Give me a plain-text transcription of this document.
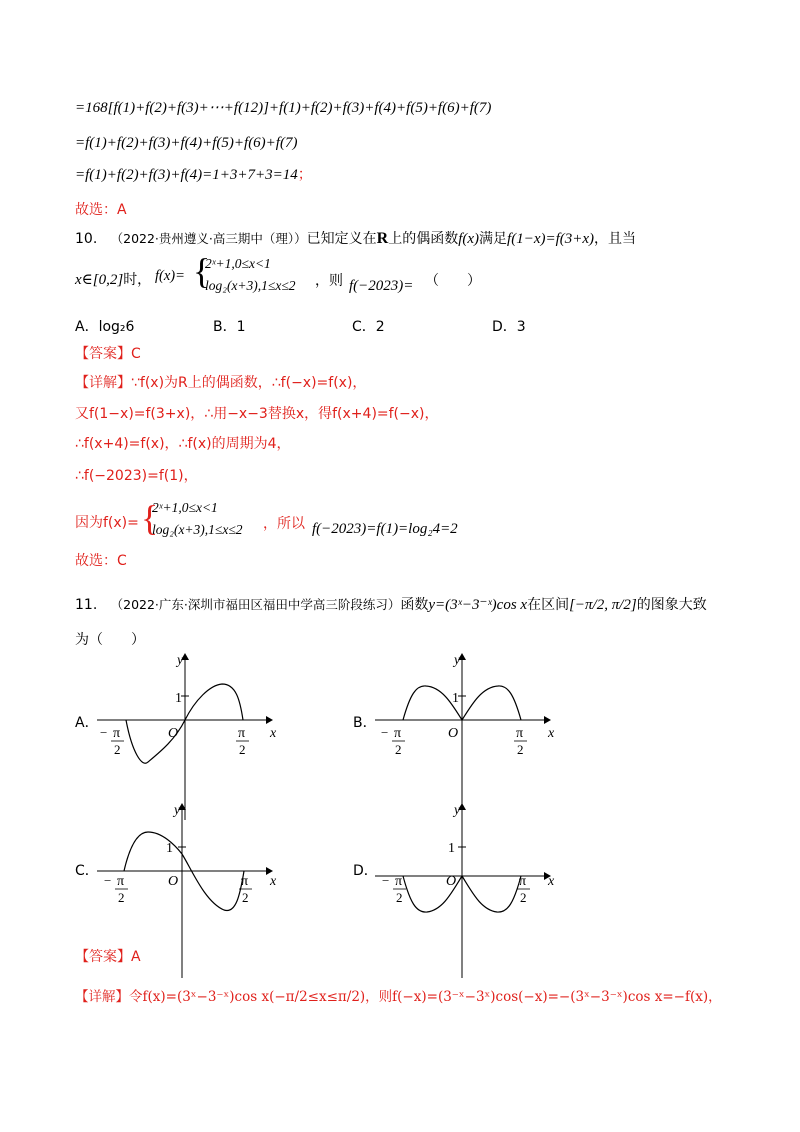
=168[f(1)+f(2)+f(3)+⋯+f(12)]+f(1)+f(2)+f(3)+f(4)+f(5)+f(6)+f(7)
=f(1)+f(2)+f(3)+f(4)+f(5)+f(6)+f(7)
=f(1)+f(2)+f(3)+f(4)=1+3+7+3=14；
故选：A
10. （2022·贵州遵义·高三期中（理））已知定义在R上的偶函数f(x)满足f(1−x)=f(3+x)，且当
x∈[0,2]时， f(x)= {
2ˣ+1,0≤x<1
log₂(x+3),1≤x≤2 ，则 f(−2023)= （　　）
A．log₂6	B．1	C．2	D．3
【答案】C
【详解】∵f(x)为R上的偶函数，∴f(−x)=f(x)，
又f(1−x)=f(3+x)，∴用−x−3替换x，得f(x+4)=f(−x)，
∴f(x+4)=f(x)，∴f(x)的周期为4，
∴f(−2023)=f(1)，
因为f(x)= {
2ˣ+1,0≤x<1
log₂(x+3),1≤x≤2 ，所以 f(−2023)=f(1)=log₂4=2
故选：C
11. （2022·广东·深圳市福田区福田中学高三阶段练习）函数y=(3ˣ−3⁻ˣ)cos x在区间[−π/2, π/2]的图象大致
为（　　）
A．	B．
C．	D．
1
y
x
O
− π
2
π
2
1
y
x
O
− π
2
π
2
1
y
x
O
− π
2
π
2
1
y
x
O
− π
2
π
2
【答案】A
【详解】令f(x)=(3ˣ−3⁻ˣ)cos x(−π/2≤x≤π/2)，则f(−x)=(3⁻ˣ−3ˣ)cos(−x)=−(3ˣ−3⁻ˣ)cos x=−f(x)，
